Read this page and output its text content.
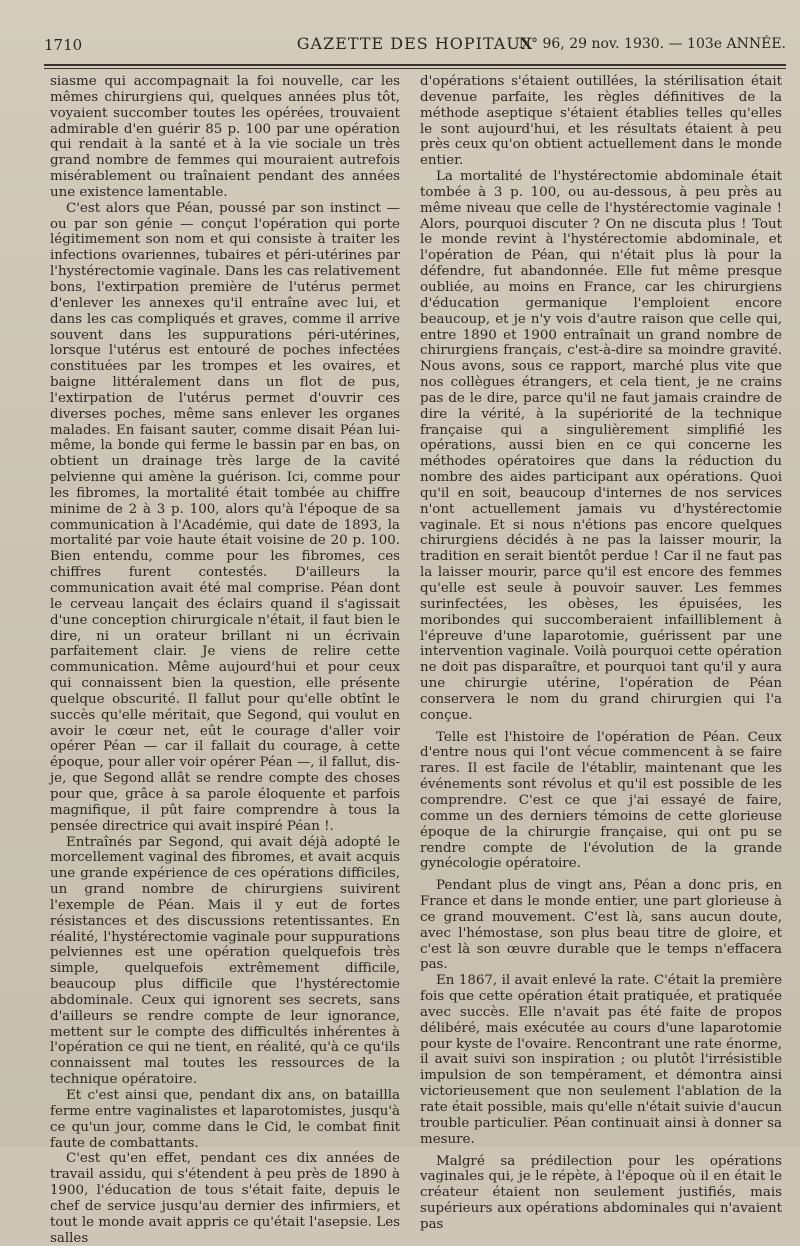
1710	GAZETTE DES HOPITAUX
N° 96, 29 nov. 1930. — 103e ANNÉE.

siasme qui accompagnait la foi nouvelle, car les mêmes chirurgiens qui, quelques années plus tôt, voyaient succomber toutes les opérées, trouvaient admirable d'en guérir 85 p. 100 par une opération qui rendait à la santé et à la vie sociale un très grand nombre de femmes qui mouraient autrefois misérablement ou traînaient pendant des années une existence lamentable.

C'est alors que Péan, poussé par son instinct — ou par son génie — conçut l'opération qui porte légitimement son nom et qui consiste à traiter les infections ovariennes, tubaires et péri-utérines par l'hystérectomie vaginale. Dans les cas relativement bons, l'extirpation première de l'utérus permet d'enlever les annexes qu'il entraîne avec lui, et dans les cas compliqués et graves, comme il arrive souvent dans les suppurations péri-utérines, lorsque l'utérus est entouré de poches infectées constituées par les trompes et les ovaires, et baigne littéralement dans un flot de pus, l'extirpation de l'utérus permet d'ouvrir ces diverses poches, même sans enlever les organes malades. En faisant sauter, comme disait Péan lui-même, la bonde qui ferme le bassin par en bas, on obtient un drainage très large de la cavité pelvienne qui amène la guérison. Ici, comme pour les fibromes, la mortalité était tombée au chiffre minime de 2 à 3 p. 100, alors qu'à l'époque de sa communication à l'Académie, qui date de 1893, la mortalité par voie haute était voisine de 20 p. 100. Bien entendu, comme pour les fibromes, ces chiffres furent contestés. D'ailleurs la communication avait été mal comprise. Péan dont le cerveau lançait des éclairs quand il s'agissait d'une conception chirurgicale n'était, il faut bien le dire, ni un orateur brillant ni un écrivain parfaitement clair. Je viens de relire cette communication. Même aujourd'hui et pour ceux qui connaissent bien la question, elle présente quelque obscurité. Il fallut pour qu'elle obtînt le succès qu'elle méritait, que Segond, qui voulut en avoir le cœur net, eût le courage d'aller voir opérer Péan — car il fallait du courage, à cette époque, pour aller voir opérer Péan —, il fallut, dis-je, que Segond allât se rendre compte des choses pour que, grâce à sa parole éloquente et parfois magnifique, il pût faire comprendre à tous la pensée directrice qui avait inspiré Péan !.

Entraînés par Segond, qui avait déjà adopté le morcellement vaginal des fibromes, et avait acquis une grande expérience de ces opérations difficiles, un grand nombre de chirurgiens suivirent l'exemple de Péan. Mais il y eut de fortes résistances et des discussions retentissantes. En réalité, l'hystérectomie vaginale pour suppurations pelviennes est une opération quelquefois très simple, quelquefois extrêmement difficile, beaucoup plus difficile que l'hystérectomie abdominale. Ceux qui ignorent ses secrets, sans d'ailleurs se rendre compte de leur ignorance, mettent sur le compte des difficultés inhérentes à l'opération ce qui ne tient, en réalité, qu'à ce qu'ils connaissent mal toutes les ressources de la technique opératoire.

Et c'est ainsi que, pendant dix ans, on bataillla ferme entre vaginalistes et laparotomistes, jusqu'à ce qu'un jour, comme dans le Cid, le combat finit faute de combattants.

C'est qu'en effet, pendant ces dix années de travail assidu, qui s'étendent à peu près de 1890 à 1900, l'éducation de tous s'était faite, depuis le chef de service jusqu'au dernier des infirmiers, et tout le monde avait appris ce qu'était l'asepsie. Les salles

d'opérations s'étaient outillées, la stérilisation était devenue parfaite, les règles définitives de la méthode aseptique s'étaient établies telles qu'elles le sont aujourd'hui, et les résultats étaient à peu près ceux qu'on obtient actuellement dans le monde entier.

La mortalité de l'hystérectomie abdominale était tombée à 3 p. 100, ou au-dessous, à peu près au même niveau que celle de l'hystérectomie vaginale ! Alors, pourquoi discuter ? On ne discuta plus ! Tout le monde revint à l'hystérectomie abdominale, et l'opération de Péan, qui n'était plus là pour la défendre, fut abandonnée. Elle fut même presque oubliée, au moins en France, car les chirurgiens d'éducation germanique l'emploient encore beaucoup, et je n'y vois d'autre raison que celle qui, entre 1890 et 1900 entraînait un grand nombre de chirurgiens français, c'est-à-dire sa moindre gravité. Nous avons, sous ce rapport, marché plus vite que nos collègues étrangers, et cela tient, je ne crains pas de le dire, parce qu'il ne faut jamais craindre de dire la vérité, à la supériorité de la technique française qui a singulièrement simplifié les opérations, aussi bien en ce qui concerne les méthodes opératoires que dans la réduction du nombre des aides participant aux opérations. Quoi qu'il en soit, beaucoup d'internes de nos services n'ont actuellement jamais vu d'hystérectomie vaginale. Et si nous n'étions pas encore quelques chirurgiens décidés à ne pas la laisser mourir, la tradition en serait bientôt perdue ! Car il ne faut pas la laisser mourir, parce qu'il est encore des femmes qu'elle est seule à pouvoir sauver. Les femmes surinfectées, les obèses, les épuisées, les moribondes qui succomberaient infailliblement à l'épreuve d'une laparotomie, guérissent par une intervention vaginale. Voilà pourquoi cette opération ne doit pas disparaître, et pourquoi tant qu'il y aura une chirurgie utérine, l'opération de Péan conservera le nom du grand chirurgien qui l'a conçue.

Telle est l'histoire de l'opération de Péan. Ceux d'entre nous qui l'ont vécue commencent à se faire rares. Il est facile de l'établir, maintenant que les événements sont révolus et qu'il est possible de les comprendre. C'est ce que j'ai essayé de faire, comme un des derniers témoins de cette glorieuse époque de la chirurgie française, qui ont pu se rendre compte de l'évolution de la grande gynécologie opératoire.

Pendant plus de vingt ans, Péan a donc pris, en France et dans le monde entier, une part glorieuse à ce grand mouvement. C'est là, sans aucun doute, avec l'hémostase, son plus beau titre de gloire, et c'est là son œuvre durable que le temps n'effacera pas.

En 1867, il avait enlevé la rate. C'était la première fois que cette opération était pratiquée, et pratiquée avec succès. Elle n'avait pas été faite de propos délibéré, mais exécutée au cours d'une laparotomie pour kyste de l'ovaire. Rencontrant une rate énorme, il avait suivi son inspiration ; ou plutôt l'irrésistible impulsion de son tempérament, et démontra ainsi victorieusement que non seulement l'ablation de la rate était possible, mais qu'elle n'était suivie d'aucun trouble particulier. Péan continuait ainsi à donner sa mesure.

Malgré sa prédilection pour les opérations vaginales qui, je le répète, à l'époque où il en était le créateur étaient non seulement justifiés, mais supérieurs aux opérations abdominales qui n'avaient pas
